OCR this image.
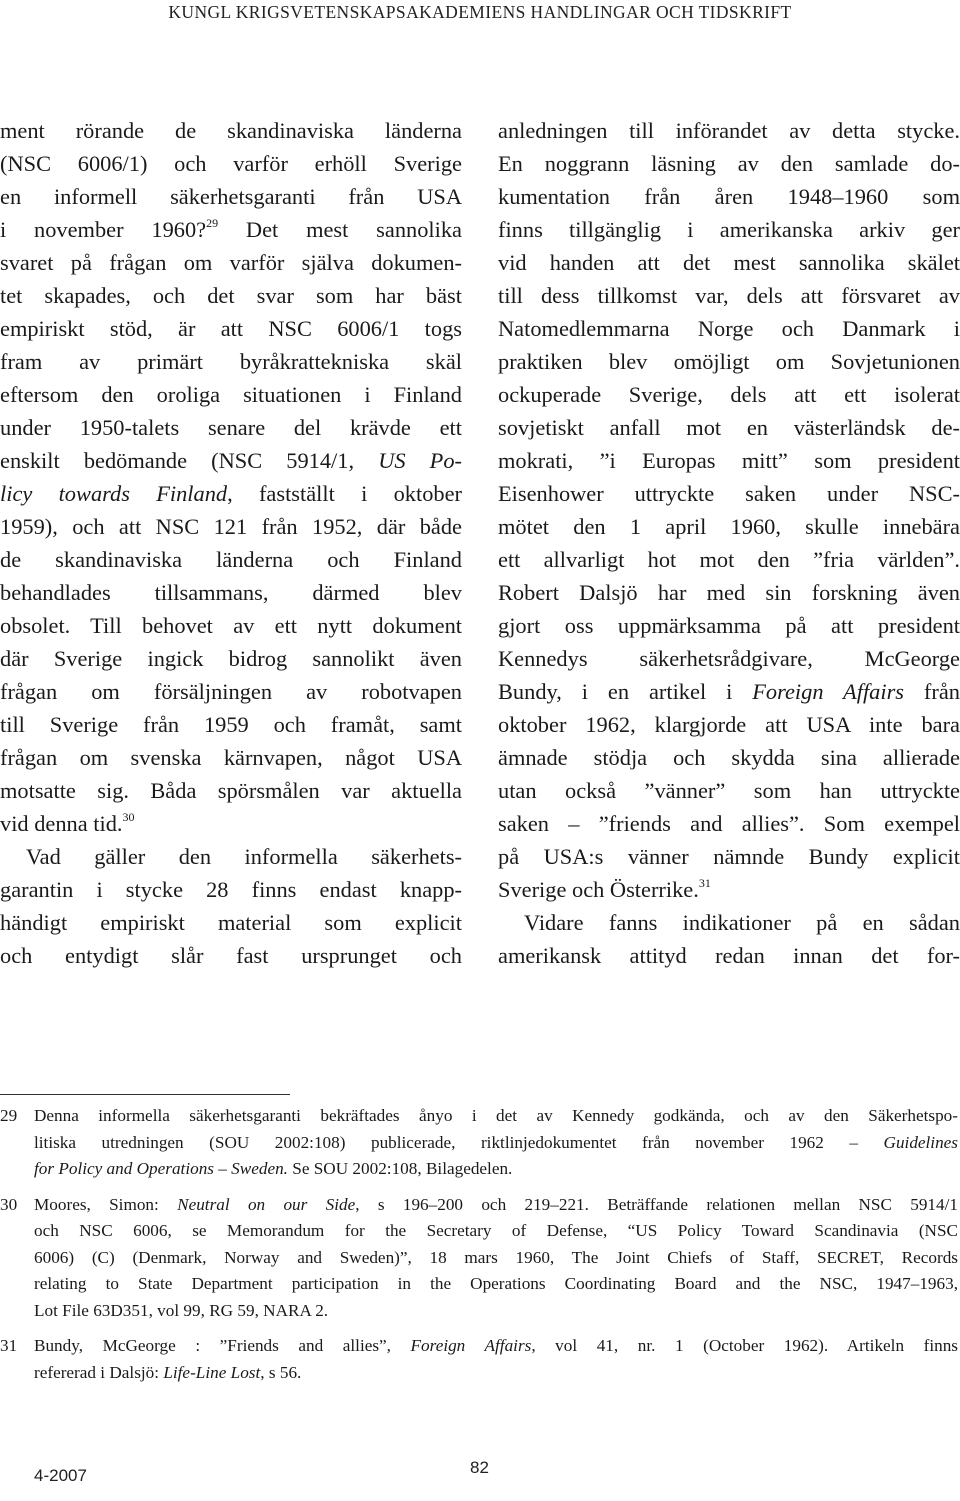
KUNGL KRIGSVETENSKAPSAKADEMIENS HANDLINGAR OCH TIDSKRIFT
ment rörande de skandinaviska länderna
(NSC 6006/1) och varför erhöll Sverige
en informell säkerhetsgaranti från USA
i november 1960?$^{29}$ Det mest sannolika
svaret på frågan om varför själva dokumen-
tet skapades, och det svar som har bäst
empiriskt stöd, är att NSC 6006/1 togs
fram av primärt byråkrattekniska skäl
eftersom den oroliga situationen i Finland
under 1950-talets senare del krävde ett
enskilt bedömande (NSC 5914/1, US Po-
licy towards Finland, fastställt i oktober
1959), och att NSC 121 från 1952, där både
de skandinaviska länderna och Finland
behandlades tillsammans, därmed blev
obsolet. Till behovet av ett nytt dokument
där Sverige ingick bidrog sannolikt även
frågan om försäljningen av robotvapen
till Sverige från 1959 och framåt, samt
frågan om svenska kärnvapen, något USA
motsatte sig. Båda spörsmålen var aktuella
vid denna tid.$^{30}$
Vad gäller den informella säkerhets-
garantin i stycke 28 finns endast knapp-
händigt empiriskt material som explicit
och entydigt slår fast ursprunget och
anledningen till införandet av detta stycke.
En noggrann läsning av den samlade do-
kumentation från åren 1948–1960 som
finns tillgänglig i amerikanska arkiv ger
vid handen att det mest sannolika skälet
till dess tillkomst var, dels att försvaret av
Natomedlemmarna Norge och Danmark i
praktiken blev omöjligt om Sovjetunionen
ockuperade Sverige, dels att ett isolerat
sovjetiskt anfall mot en västerländsk de-
mokrati, ”i Europas mitt” som president
Eisenhower uttryckte saken under NSC-
mötet den 1 april 1960, skulle innebära
ett allvarligt hot mot den ”fria världen”.
Robert Dalsjö har med sin forskning även
gjort oss uppmärksamma på att president
Kennedys säkerhetsrådgivare, McGeorge
Bundy, i en artikel i Foreign Affairs från
oktober 1962, klargjorde att USA inte bara
ämnade stödja och skydda sina allierade
utan också ”vänner” som han uttryckte
saken – ”friends and allies”. Som exempel
på USA:s vänner nämnde Bundy explicit
Sverige och Österrike.$^{31}$
Vidare fanns indikationer på en sådan
amerikansk attityd redan innan det for-
29 Denna informella säkerhetsgaranti bekräftades ånyo i det av Kennedy godkända, och av den Säkerhetspo-
litiska utredningen (SOU 2002:108) publicerade, riktlinjedokumentet från november 1962 – Guidelines
for Policy and Operations – Sweden. Se SOU 2002:108, Bilagedelen.
30 Moores, Simon: Neutral on our Side, s 196–200 och 219–221. Beträffande relationen mellan NSC 5914/1
och NSC 6006, se Memorandum for the Secretary of Defense, “US Policy Toward Scandinavia (NSC
6006) (C) (Denmark, Norway and Sweden)”, 18 mars 1960, The Joint Chiefs of Staff, SECRET, Records
relating to State Department participation in the Operations Coordinating Board and the NSC, 1947–1963,
Lot File 63D351, vol 99, RG 59, NARA 2.
31 Bundy, McGeorge : ”Friends and allies”, Foreign Affairs, vol 41, nr. 1 (October 1962). Artikeln finns
refererad i Dalsjö: Life-Line Lost, s 56.
4-2007	82
